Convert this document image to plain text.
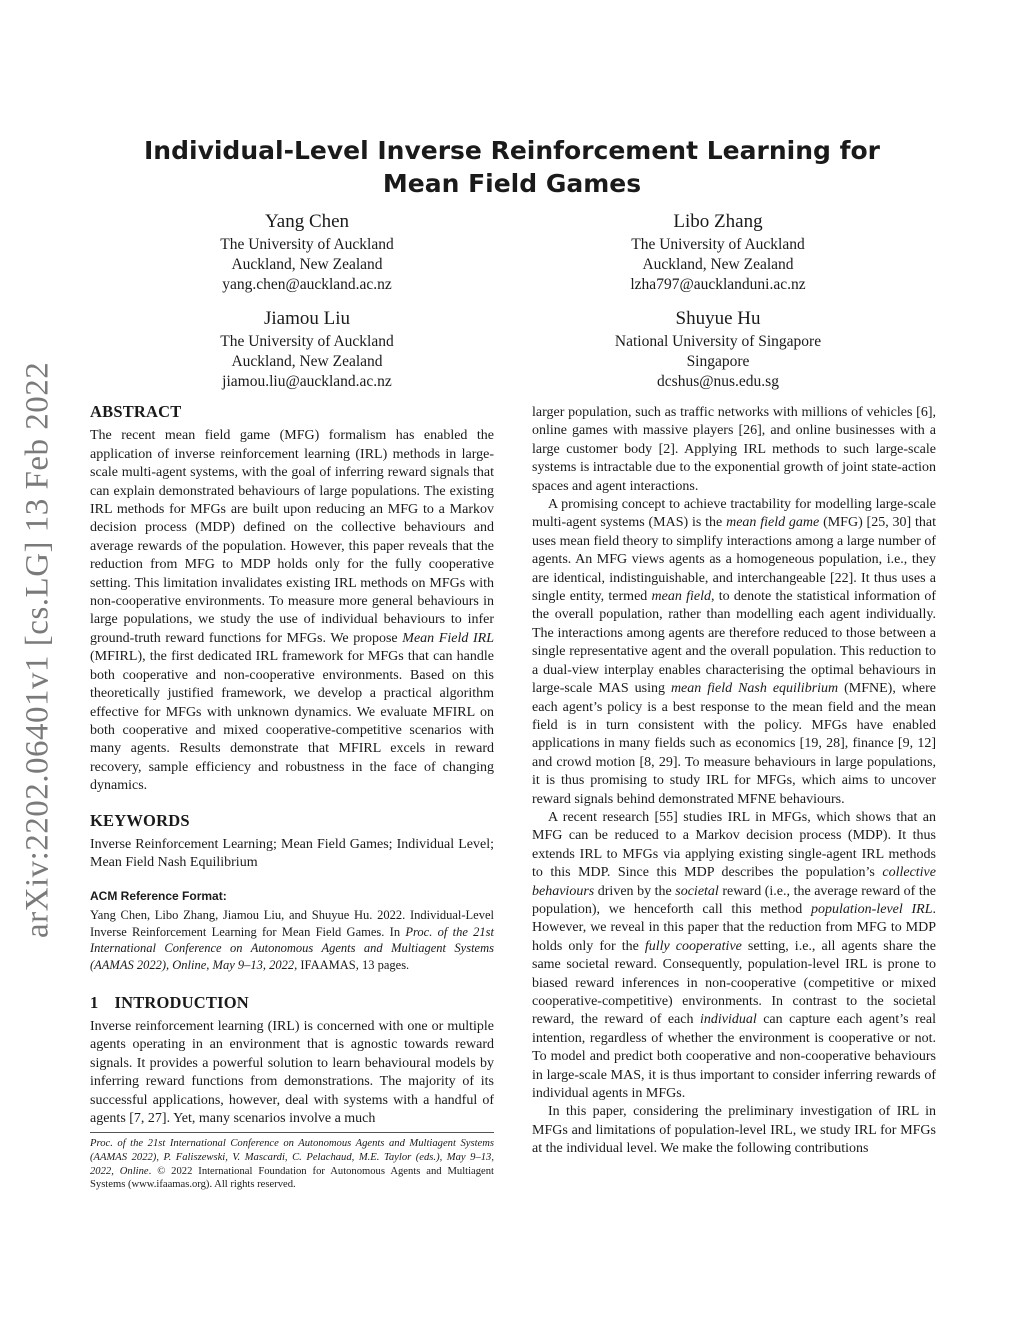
arXiv:2202.06401v1 [cs.LG] 13 Feb 2022
Individual-Level Inverse Reinforcement Learning for
Mean Field Games
Yang Chen
The University of Auckland
Auckland, New Zealand
yang.chen@auckland.ac.nz
Libo Zhang
The University of Auckland
Auckland, New Zealand
lzha797@aucklanduni.ac.nz
Jiamou Liu
The University of Auckland
Auckland, New Zealand
jiamou.liu@auckland.ac.nz
Shuyue Hu
National University of Singapore
Singapore
dcshus@nus.edu.sg
ABSTRACT

The recent mean field game (MFG) formalism has enabled the application of inverse reinforcement learning (IRL) methods in large-scale multi-agent systems, with the goal of inferring reward signals that can explain demonstrated behaviours of large populations. The existing IRL methods for MFGs are built upon reducing an MFG to a Markov decision process (MDP) defined on the collective behaviours and average rewards of the population. However, this paper reveals that the reduction from MFG to MDP holds only for the fully cooperative setting. This limitation invalidates existing IRL methods on MFGs with non-cooperative environments. To measure more general behaviours in large populations, we study the use of individual behaviours to infer ground-truth reward functions for MFGs. We propose Mean Field IRL (MFIRL), the first dedicated IRL framework for MFGs that can handle both cooperative and non-cooperative environments. Based on this theoretically justified framework, we develop a practical algorithm effective for MFGs with unknown dynamics. We evaluate MFIRL on both cooperative and mixed cooperative-competitive scenarios with many agents. Results demonstrate that MFIRL excels in reward recovery, sample efficiency and robustness in the face of changing dynamics.

KEYWORDS

Inverse Reinforcement Learning; Mean Field Games; Individual Level; Mean Field Nash Equilibrium

ACM Reference Format:

Yang Chen, Libo Zhang, Jiamou Liu, and Shuyue Hu. 2022. Individual-Level Inverse Reinforcement Learning for Mean Field Games. In Proc. of the 21st International Conference on Autonomous Agents and Multiagent Systems (AAMAS 2022), Online, May 9–13, 2022, IFAAMAS, 13 pages.

1 INTRODUCTION

Inverse reinforcement learning (IRL) is concerned with one or multiple agents operating in an environment that is agnostic towards reward signals. It provides a powerful solution to learn behavioural models by inferring reward functions from demonstrations. The majority of its successful applications, however, deal with systems with a handful of agents [7, 27]. Yet, many scenarios involve a much

Proc. of the 21st International Conference on Autonomous Agents and Multiagent Systems (AAMAS 2022), P. Faliszewski, V. Mascardi, C. Pelachaud, M.E. Taylor (eds.), May 9–13, 2022, Online. © 2022 International Foundation for Autonomous Agents and Multiagent Systems (www.ifaamas.org). All rights reserved.

larger population, such as traffic networks with millions of vehicles [6], online games with massive players [26], and online businesses with a large customer body [2]. Applying IRL methods to such large-scale systems is intractable due to the exponential growth of joint state-action spaces and agent interactions.

A promising concept to achieve tractability for modelling large-scale multi-agent systems (MAS) is the mean field game (MFG) [25, 30] that uses mean field theory to simplify interactions among a large number of agents. An MFG views agents as a homogeneous population, i.e., they are identical, indistinguishable, and interchangeable [22]. It thus uses a single entity, termed mean field, to denote the statistical information of the overall population, rather than modelling each agent individually. The interactions among agents are therefore reduced to those between a single representative agent and the overall population. This reduction to a dual-view interplay enables characterising the optimal behaviours in large-scale MAS using mean field Nash equilibrium (MFNE), where each agent’s policy is a best response to the mean field and the mean field is in turn consistent with the policy. MFGs have enabled applications in many fields such as economics [19, 28], finance [9, 12] and crowd motion [8, 29]. To measure behaviours in large populations, it is thus promising to study IRL for MFGs, which aims to uncover reward signals behind demonstrated MFNE behaviours.

A recent research [55] studies IRL in MFGs, which shows that an MFG can be reduced to a Markov decision process (MDP). It thus extends IRL to MFGs via applying existing single-agent IRL methods to this MDP. Since this MDP describes the population’s collective behaviours driven by the societal reward (i.e., the average reward of the population), we henceforth call this method population-level IRL. However, we reveal in this paper that the reduction from MFG to MDP holds only for the fully cooperative setting, i.e., all agents share the same societal reward. Consequently, population-level IRL is prone to biased reward inferences in non-cooperative (competitive or mixed cooperative-competitive) environments. In contrast to the societal reward, the reward of each individual can capture each agent’s real intention, regardless of whether the environment is cooperative or not. To model and predict both cooperative and non-cooperative behaviours in large-scale MAS, it is thus important to consider inferring rewards of individual agents in MFGs.

In this paper, considering the preliminary investigation of IRL in MFGs and limitations of population-level IRL, we study IRL for MFGs at the individual level. We make the following contributions
